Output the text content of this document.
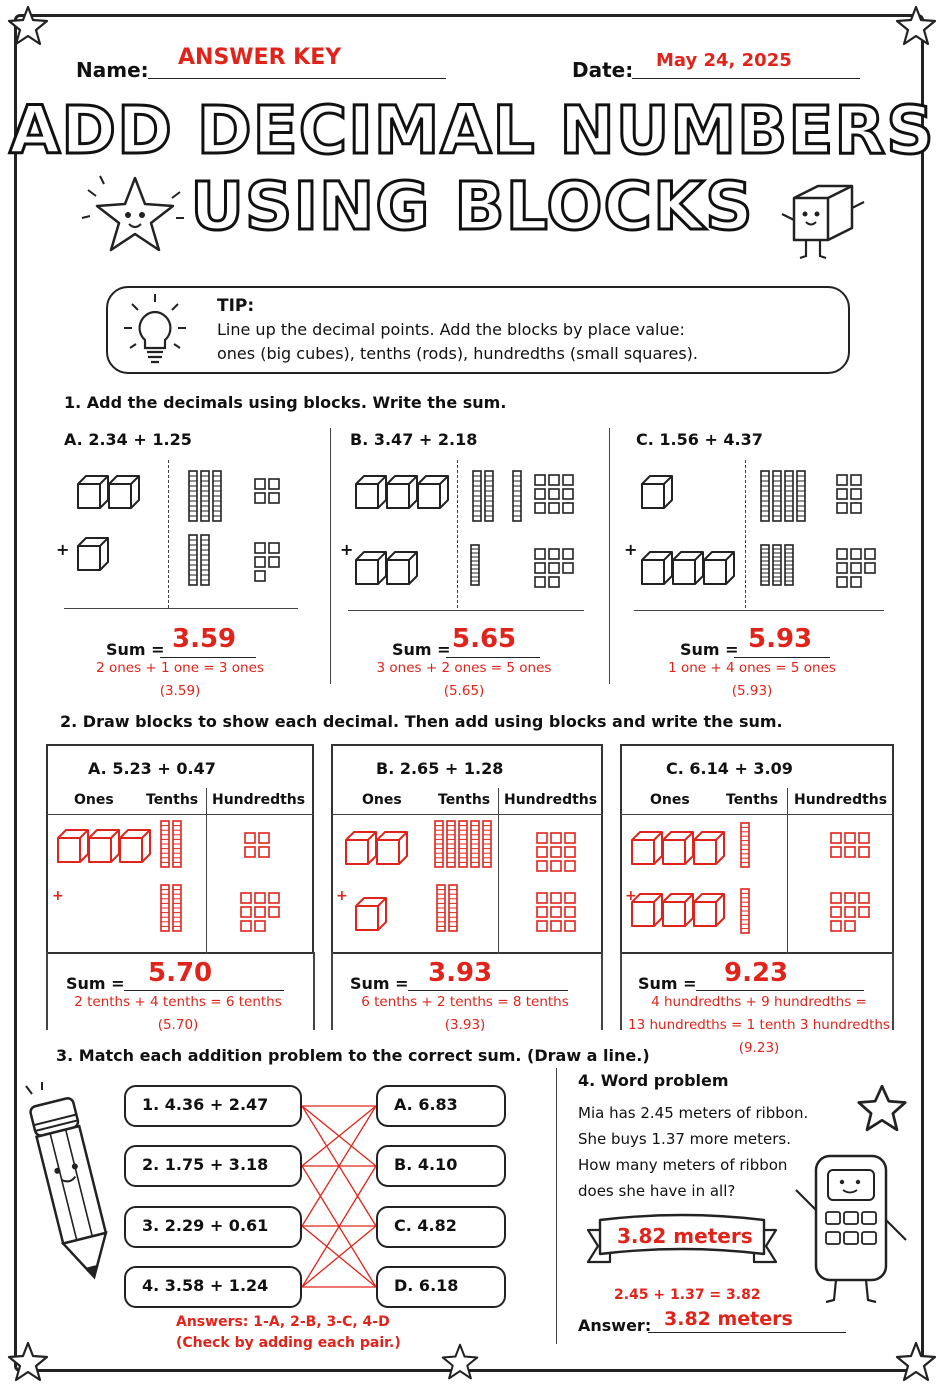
Name: ANSWER KEY	Date: May 24, 2025
ADD DECIMAL NUMBERS
USING BLOCKS
TIP:
Line up the decimal points. Add the blocks by place value:
ones (big cubes), tenths (rods), hundredths (small squares).
1. Add the decimals using blocks. Write the sum.
A. 2.34 + 1.25	B. 3.47 + 2.18	C. 1.56 + 4.37
+	+	+
Sum = 3.59
2 ones + 1 one = 3 ones
(3.59)
Sum = 5.65
3 ones + 2 ones = 5 ones
(5.65)
Sum = 5.93
1 one + 4 ones = 5 ones
(5.93)
2. Draw blocks to show each decimal. Then add using blocks and write the sum.
A. 5.23 + 0.47	B. 2.65 + 1.28	C. 6.14 + 3.09
Ones Tenths Hundredths	Ones	Tenths Hundredths	Ones	Tenths Hundredths
+	+	+
Sum = 5.70
2 tenths + 4 tenths = 6 tenths
(5.70)
Sum = 3.93
6 tenths + 2 tenths = 8 tenths
(3.93)
Sum = 9.23
4 hundredths + 9 hundredths =
13 hundredths = 1 tenth 3 hundredths
(9.23)
3. Match each addition problem to the correct sum. (Draw a line.)
1. 4.36 + 2.47
2. 1.75 + 3.18
3. 2.29 + 0.61
4. 3.58 + 1.24
A. 6.83
B. 4.10
C. 4.82
D. 6.18
Answers: 1-A, 2-B, 3-C, 4-D
(Check by adding each pair.)
4. Word problem
Mia has 2.45 meters of ribbon.
She buys 1.37 more meters.
How many meters of ribbon
does she have in all?
3.82 meters
2.45 + 1.37 = 3.82
Answer: 3.82 meters
